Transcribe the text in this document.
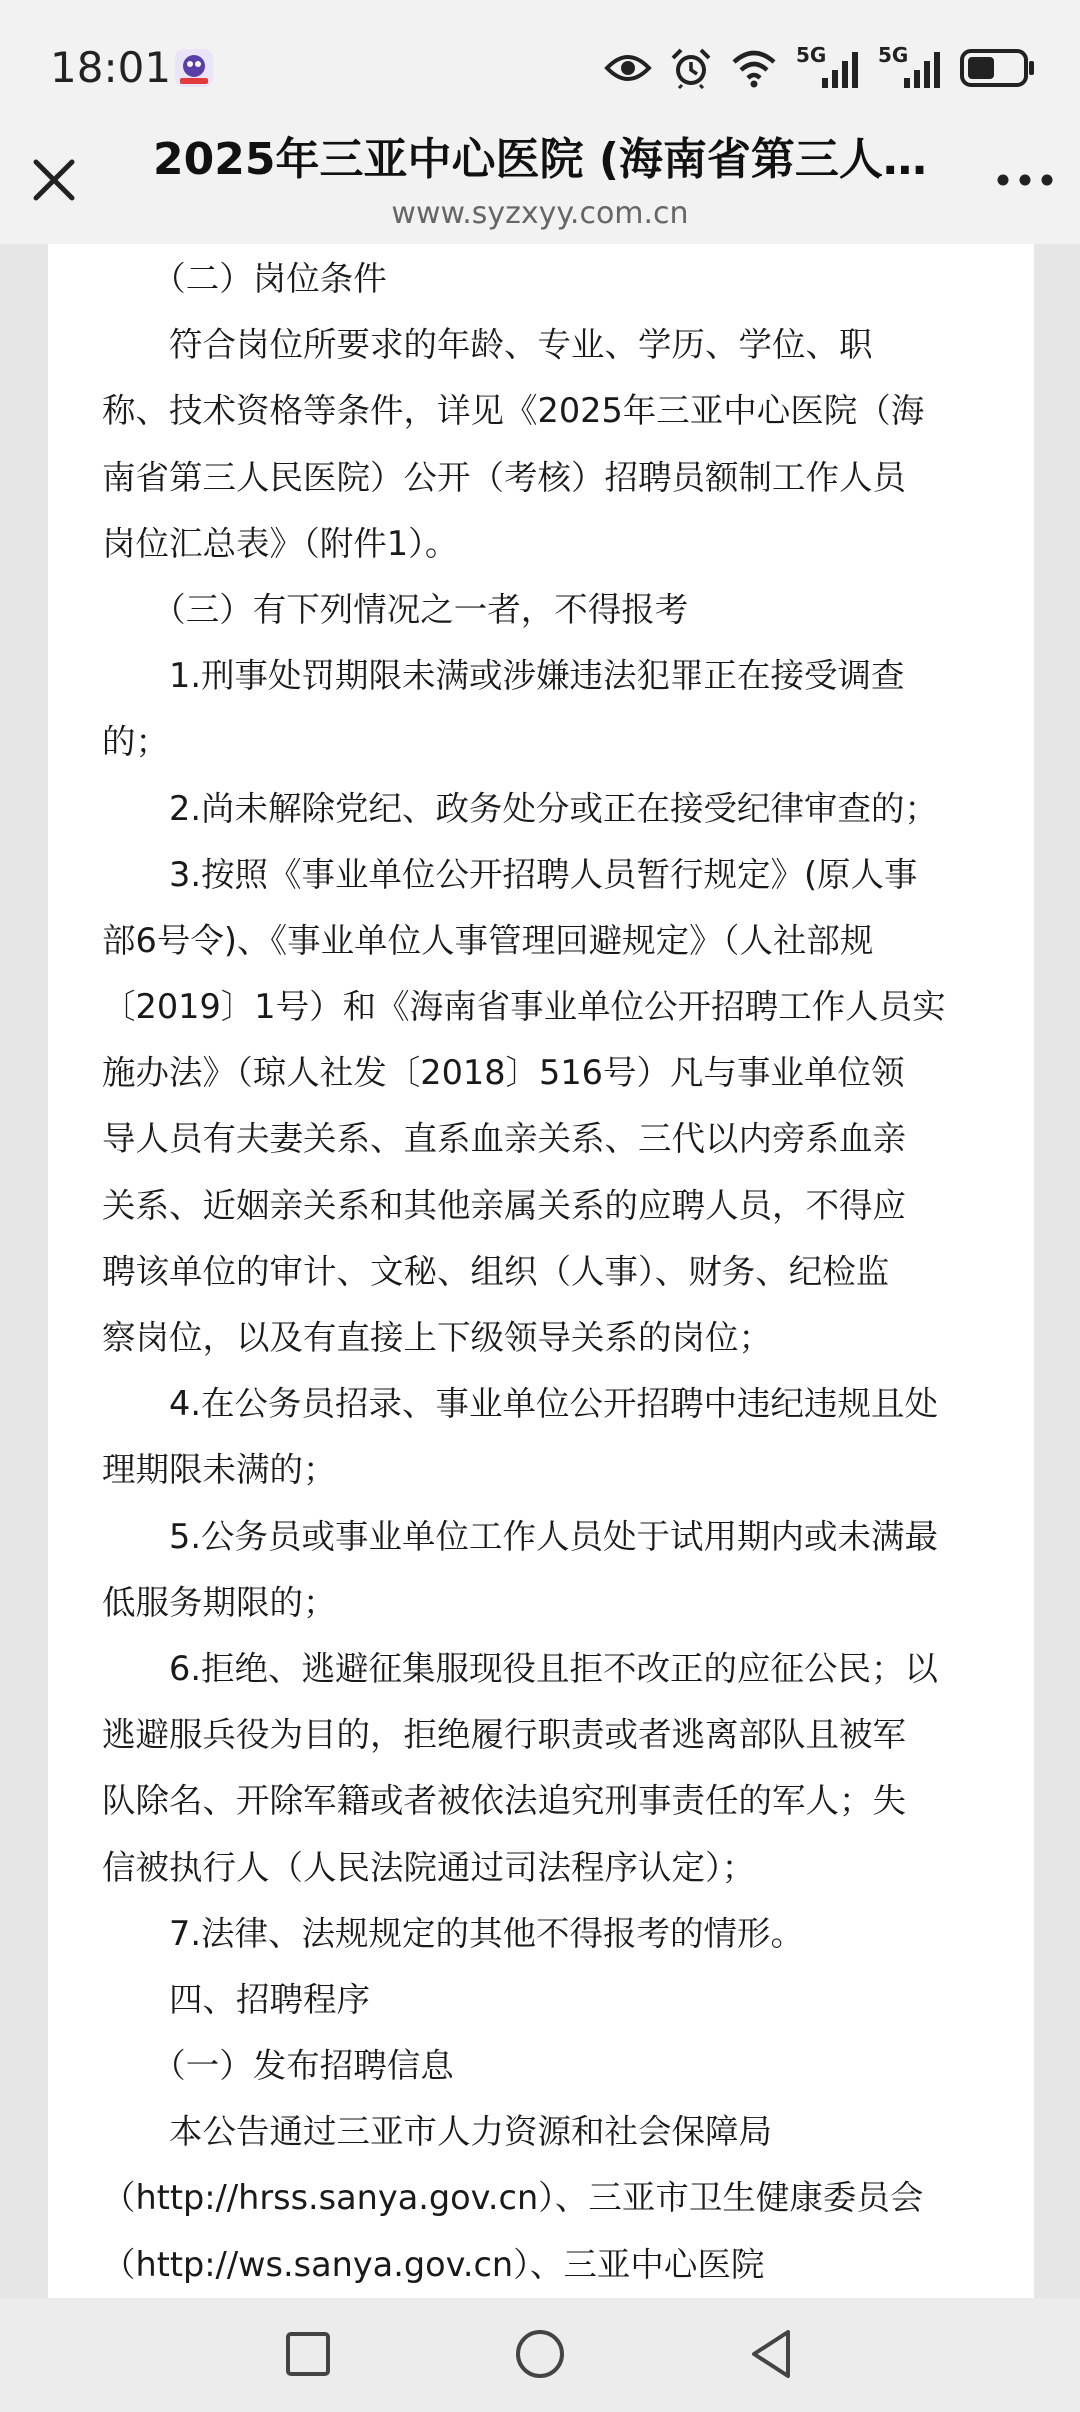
18:01	5G	5G
2025年三亚中心医院 (海南省第三人…
www.syzxyy.com.cn
　　（二）岗位条件
　　符合岗位所要求的年龄、专业、学历、学位、职
称、技术资格等条件，详见《2025年三亚中心医院（海
南省第三人民医院）公开（考核）招聘员额制工作人员
岗位汇总表》（附件1）。
　　（三）有下列情况之一者，不得报考
　　1.刑事处罚期限未满或涉嫌违法犯罪正在接受调查
的；
　　2.尚未解除党纪、政务处分或正在接受纪律审查的；
　　3.按照《事业单位公开招聘人员暂行规定》(原人事
部6号令)、《事业单位人事管理回避规定》（人社部规
〔2019〕1号）和《海南省事业单位公开招聘工作人员实
施办法》（琼人社发〔2018〕516号）凡与事业单位领
导人员有夫妻关系、直系血亲关系、三代以内旁系血亲
关系、近姻亲关系和其他亲属关系的应聘人员，不得应
聘该单位的审计、文秘、组织（人事）、财务、纪检监
察岗位，以及有直接上下级领导关系的岗位；
　　4.在公务员招录、事业单位公开招聘中违纪违规且处
理期限未满的；
　　5.公务员或事业单位工作人员处于试用期内或未满最
低服务期限的；
　　6.拒绝、逃避征集服现役且拒不改正的应征公民；以
逃避服兵役为目的，拒绝履行职责或者逃离部队且被军
队除名、开除军籍或者被依法追究刑事责任的军人；失
信被执行人（人民法院通过司法程序认定）；
　　7.法律、法规规定的其他不得报考的情形。
　　四、招聘程序
　　（一）发布招聘信息
　　本公告通过三亚市人力资源和社会保障局
（http://hrss.sanya.gov.cn）、三亚市卫生健康委员会
（http://ws.sanya.gov.cn）、三亚中心医院
